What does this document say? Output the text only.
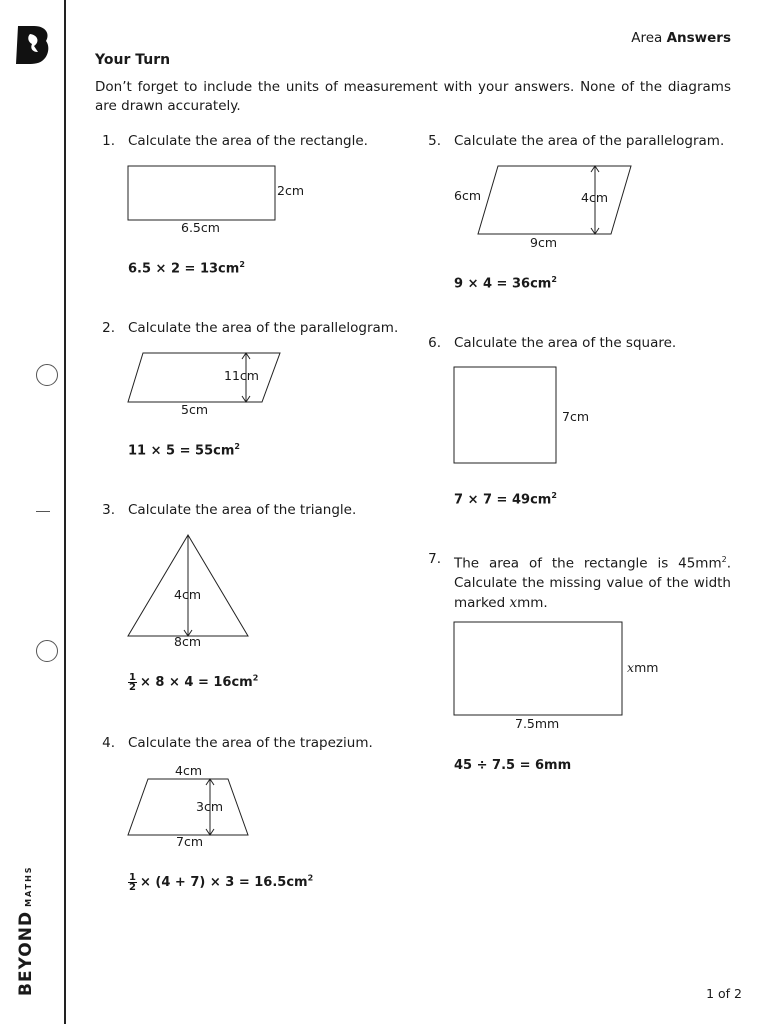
BEYONDMATHS
Area Answers
Your Turn
Don’t forget to include the units of measurement with your answers. None of the diagrams are drawn accurately.
1. Calculate the area of the rectangle.
2cm
6.5cm
$6.5 \times 2 = 13cm^2$
2. Calculate the area of the parallelogram.
11cm
5cm
$11 \times 5 = 55cm^2$
3. Calculate the area of the triangle.
4cm
8cm
$\frac{1}{2} \times 8 \times 4 = 16cm^2$
4. Calculate the area of the trapezium.
4cm
3cm
7cm
$\frac{1}{2} \times (4 + 7) \times 3 = 16.5cm^2$
5. Calculate the area of the parallelogram.
6cm	4cm
9cm
$9 \times 4 = 36cm^2$
6. Calculate the area of the square.
7cm
$7 \times 7 = 49cm^2$
7. The area of the rectangle is $45mm^2$. Calculate the missing value of the width marked xmm.
xmm
7.5mm
45 ÷ 7.5 = 6mm
1 of 2
